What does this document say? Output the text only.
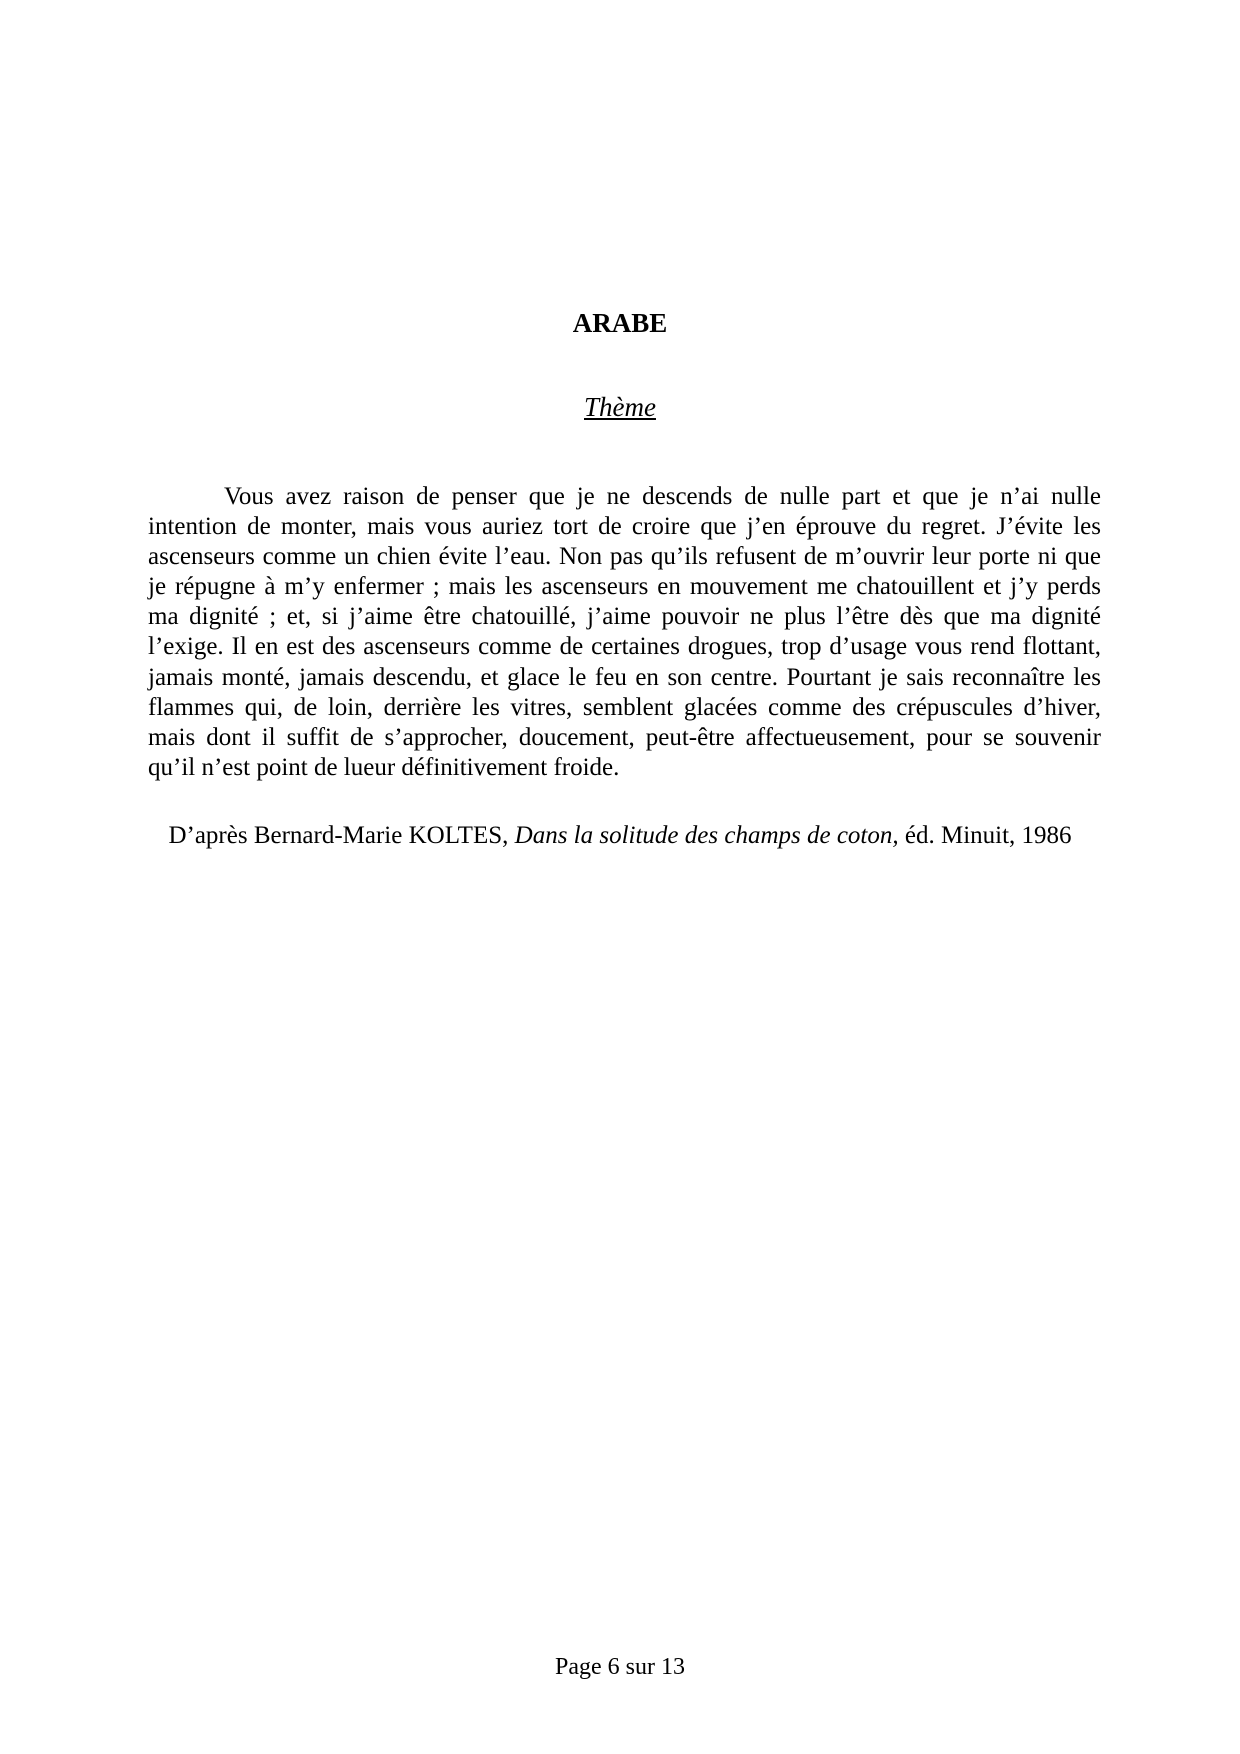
ARABE
Thème
Vous avez raison de penser que je ne descends de nulle part et que je n’ai nulle
intention de monter, mais vous auriez tort de croire que j’en éprouve du regret. J’évite les
ascenseurs comme un chien évite l’eau. Non pas qu’ils refusent de m’ouvrir leur porte ni que
je répugne à m’y enfermer ; mais les ascenseurs en mouvement me chatouillent et j’y perds
ma dignité ; et, si j’aime être chatouillé, j’aime pouvoir ne plus l’être dès que ma dignité
l’exige. Il en est des ascenseurs comme de certaines drogues, trop d’usage vous rend flottant,
jamais monté, jamais descendu, et glace le feu en son centre. Pourtant je sais reconnaître les
flammes qui, de loin, derrière les vitres, semblent glacées comme des crépuscules d’hiver,
mais dont il suffit de s’approcher, doucement, peut-être affectueusement, pour se souvenir
qu’il n’est point de lueur définitivement froide.
D’après Bernard-Marie KOLTES, Dans la solitude des champs de coton, éd. Minuit, 1986
Page 6 sur 13
